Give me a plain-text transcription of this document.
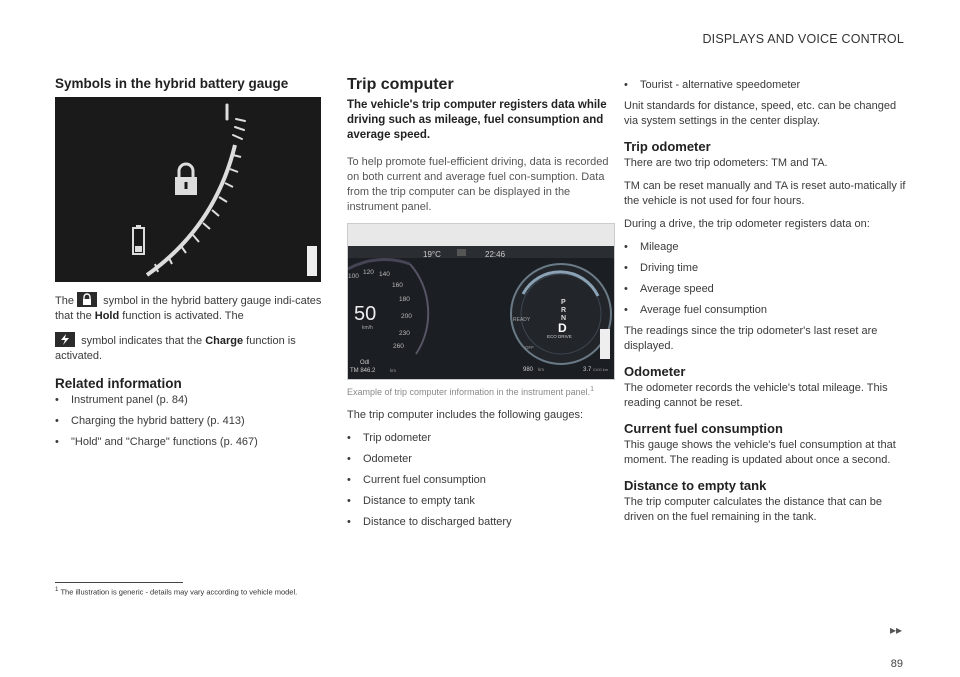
DISPLAYS AND VOICE CONTROL
Symbols in the hybrid battery gauge

The	symbol in the hybrid battery gauge indi-cates that the Hold function is activated. The

symbol indicates that the Charge function is activated.

Related information
• Instrument panel (p. 84)
• Charging the hybrid battery (p. 413)
• "Hold" and "Charge" functions (p. 467)
Trip computer

The vehicle's trip computer registers data while driving such as mileage, fuel consumption and average speed.

To help promote fuel-efficient driving, data is recorded on both current and average fuel con-sumption. Data from the trip computer can be displayed in the instrument panel.

19°C	22:46
100
120 140
160
180
200
230
260
50
km/h
Odl
TM 846.2	km
READY
P
R
N
D
ECO DRIVE
OFF
980 km	3.7 l/100 km
Example of trip computer information in the instrument panel.$^1$

The trip computer includes the following gauges:

• Trip odometer
• Odometer
• Current fuel consumption
• Distance to empty tank
• Distance to discharged battery
• Tourist - alternative speedometer

Unit standards for distance, speed, etc. can be changed via system settings in the center display.

Trip odometer

There are two trip odometers: TM and TA.

TM can be reset manually and TA is reset auto-matically if the vehicle is not used for four hours.

During a drive, the trip odometer registers data on:

• Mileage
• Driving time
• Average speed
• Average fuel consumption

The readings since the trip odometer's last reset are displayed.

Odometer

The odometer records the vehicle's total mileage. This reading cannot be reset.

Current fuel consumption

This gauge shows the vehicle's fuel consumption at that moment. The reading is updated about once a second.

Distance to empty tank

The trip computer calculates the distance that can be driven on the fuel remaining in the tank.

$^1$ The illustration is generic - details may vary according to vehicle model.
▸▸
89
